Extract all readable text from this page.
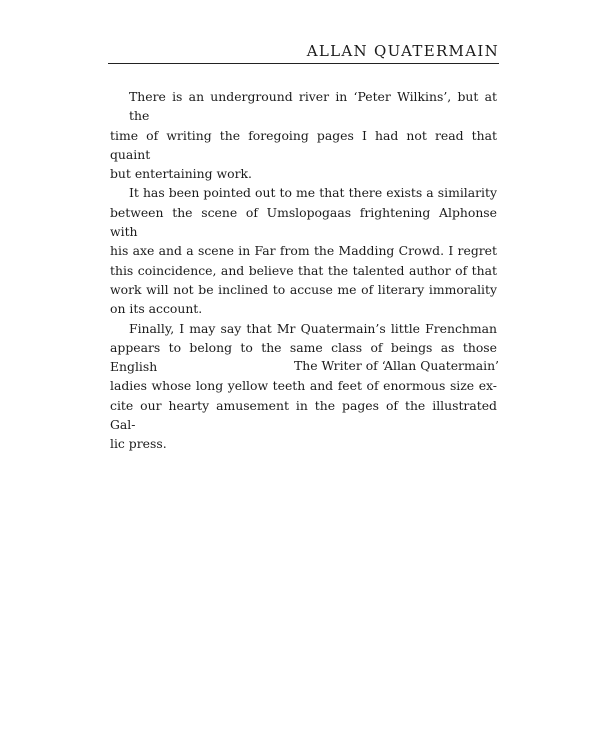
ALLAN QUATERMAIN
There is an underground river in ‘Peter Wilkins’, but at the
time of writing the foregoing pages I had not read that quaint
but entertaining work.
It has been pointed out to me that there exists a similarity
between the scene of Umslopogaas frightening Alphonse with
his axe and a scene in Far from the Madding Crowd. I regret
this coincidence, and believe that the talented author of that
work will not be inclined to accuse me of literary immorality
on its account.
Finally, I may say that Mr Quatermain’s little Frenchman
appears to belong to the same class of beings as those English
ladies whose long yellow teeth and feet of enormous size ex-
cite our hearty amusement in the pages of the illustrated Gal-
lic press.
The Writer of ‘Allan Quatermain’
